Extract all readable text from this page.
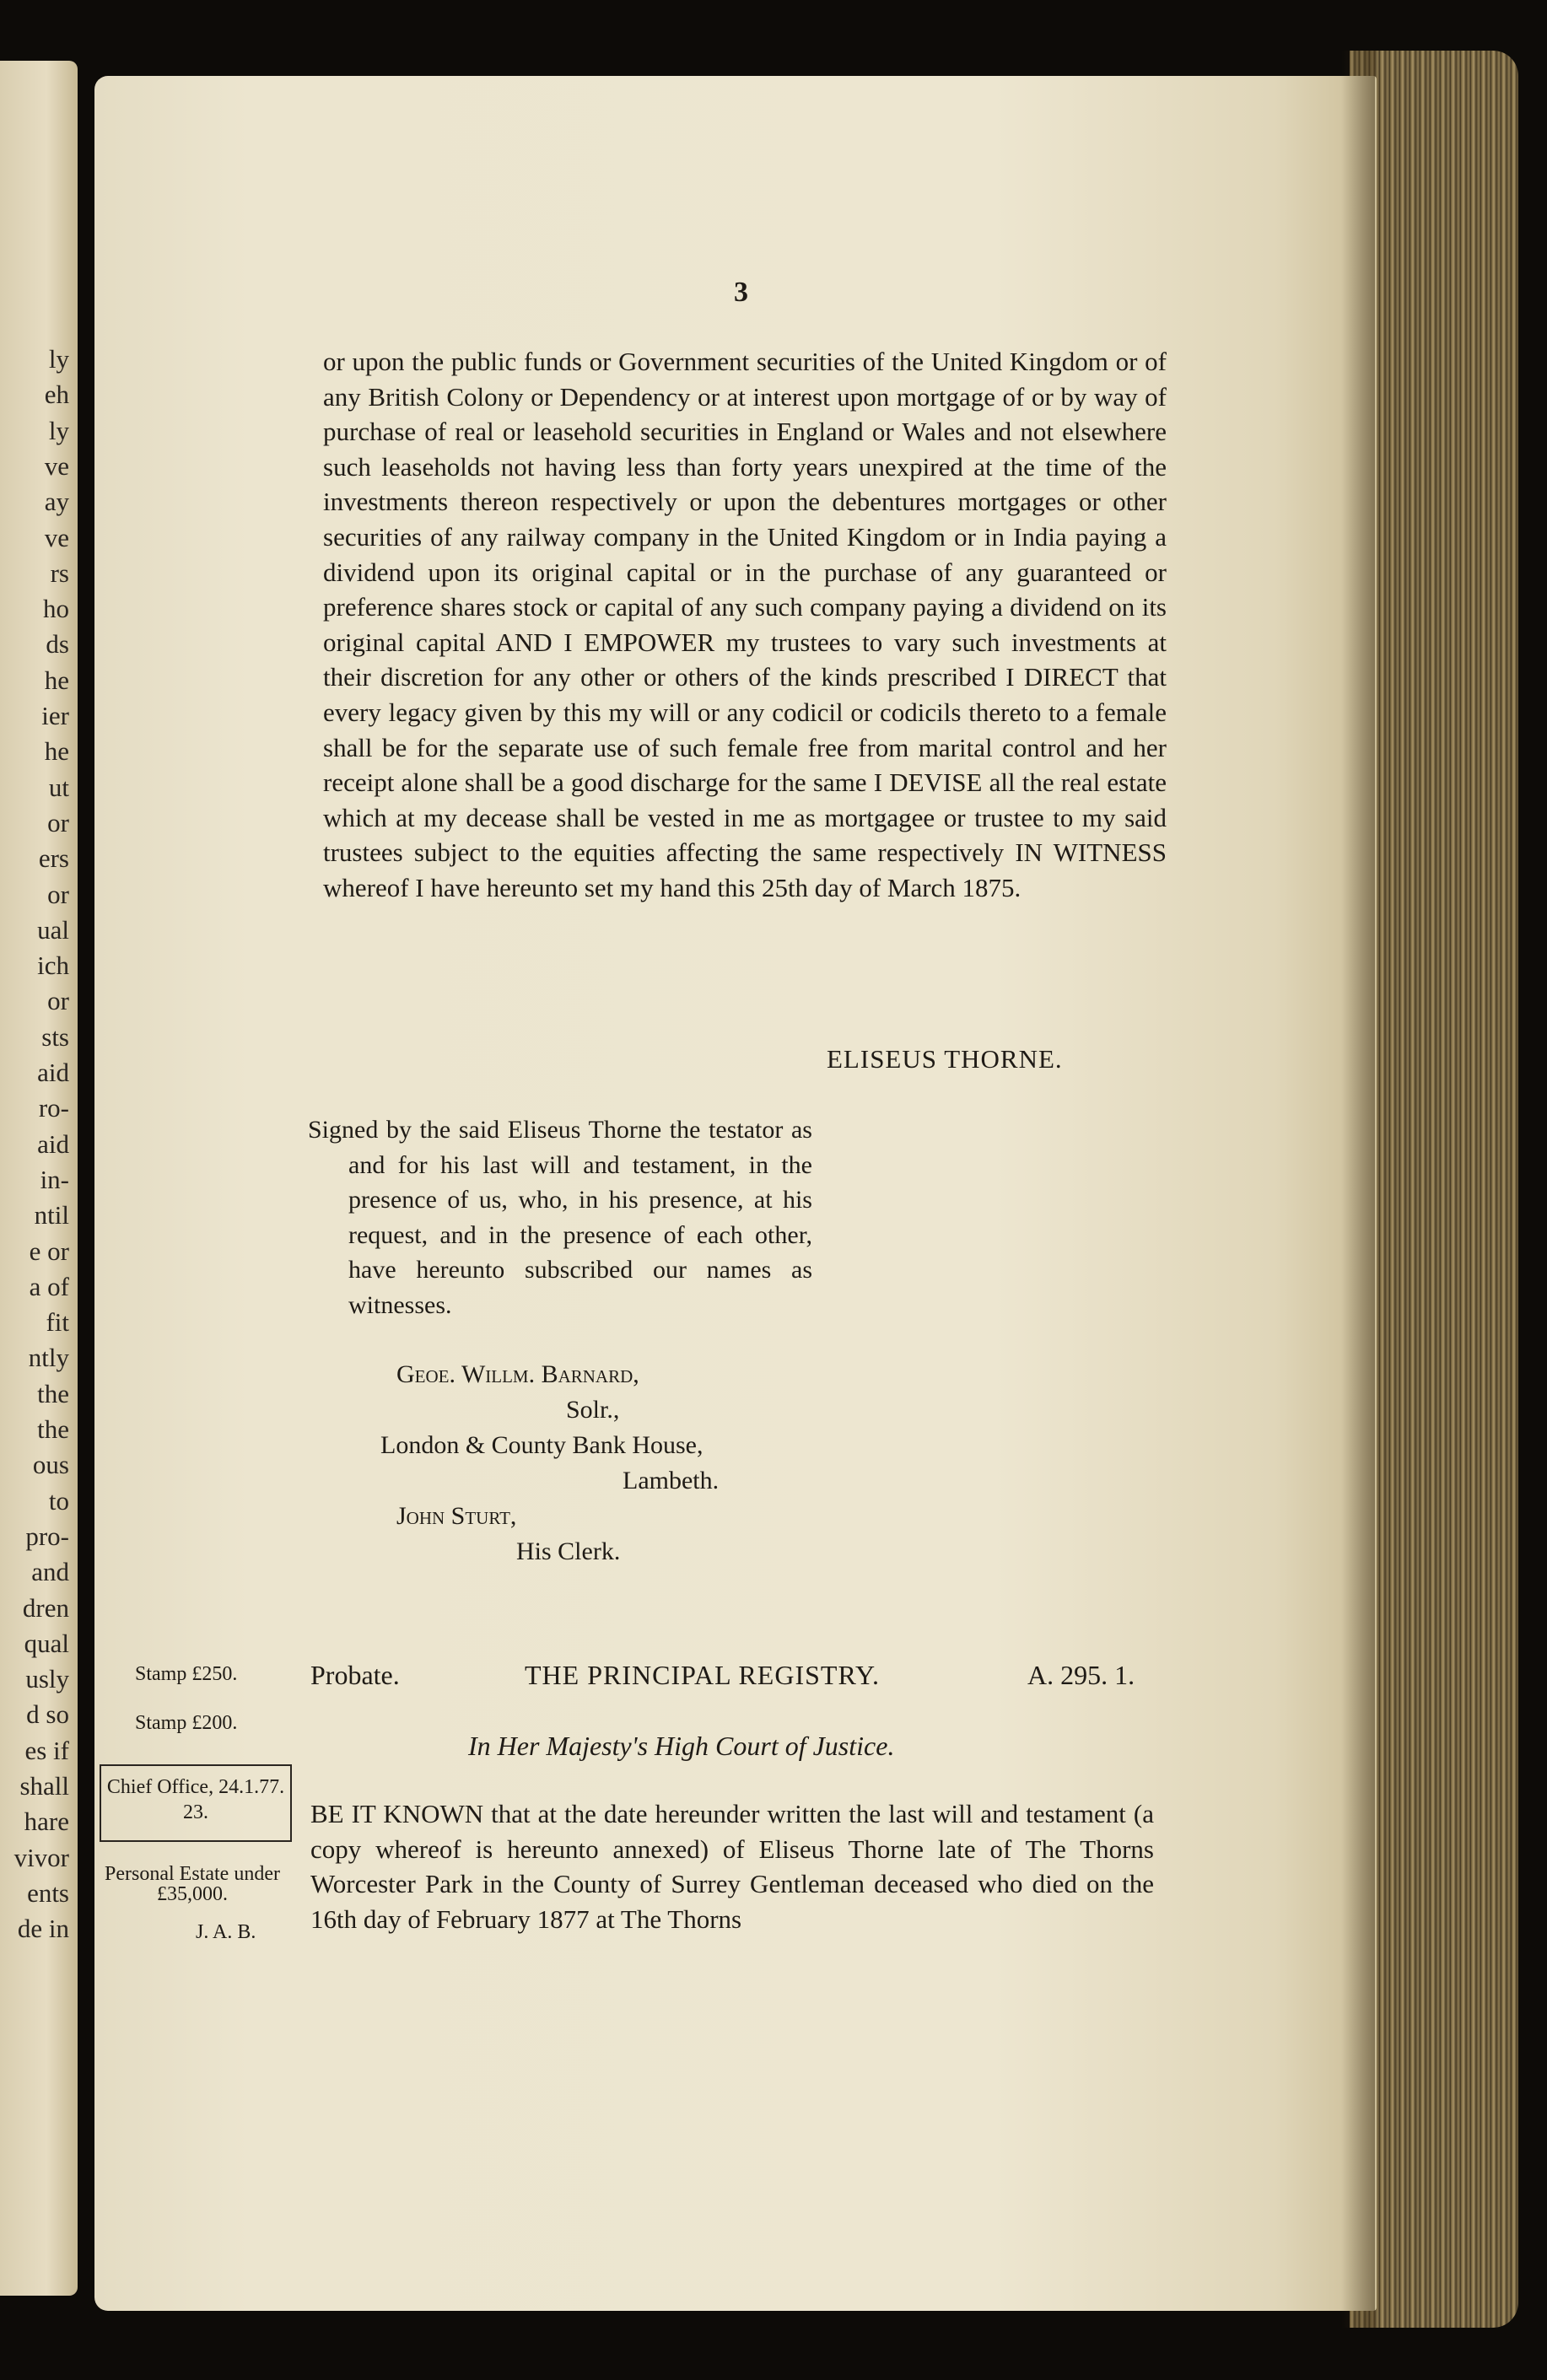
ly
eh
ly
ve
ay
ve
rs
ho
ds
he
ier
he
ut
or
ers
or
ual
ich
or
sts
aid
ro-
aid
in-
ntil
e or
a of
fit
ntly
the
the
ous
to
pro-
and
dren
qual
usly
d so
es if
shall
hare
vivor
ents
de in
3

or upon the public funds or Government securities of the United Kingdom or of any British Colony or Dependency or at interest upon mortgage of or by way of purchase of real or leasehold securities in England or Wales and not elsewhere such leaseholds not having less than forty years unexpired at the time of the investments thereon respectively or upon the debentures mortgages or other securities of any railway company in the United Kingdom or in India paying a dividend upon its original capital or in the purchase of any guaranteed or preference shares stock or capital of any such company paying a dividend on its original capital AND I EMPOWER my trustees to vary such investments at their discretion for any other or others of the kinds prescribed I DIRECT that every legacy given by this my will or any codicil or codicils thereto to a female shall be for the separate use of such female free from marital control and her receipt alone shall be a good discharge for the same I DEVISE all the real estate which at my decease shall be vested in me as mortgagee or trustee to my said trustees subject to the equities affecting the same respectively IN WITNESS whereof I have hereunto set my hand this 25th day of March 1875.

ELISEUS THORNE.

Signed by the said Eliseus Thorne the testator as and for his last will and testament, in the presence of us, who, in his presence, at his request, and in the presence of each other, have hereunto subscribed our names as witnesses.

Geoe. Willm. Barnard,
Solr.,
London & County Bank House,
Lambeth.
John Sturt,
His Clerk.
Stamp £250.
Stamp £200.
Chief Office, 24.1.77.
23.
Personal Estate under
£35,000.
J. A. B.
Probate.	THE PRINCIPAL REGISTRY.	A. 295. 1.
In Her Majesty's High Court of Justice.

BE IT KNOWN that at the date hereunder written the last will and testament (a copy whereof is hereunto annexed) of Eliseus Thorne late of The Thorns Worcester Park in the County of Surrey Gentleman deceased who died on the 16th day of February 1877 at The Thorns
